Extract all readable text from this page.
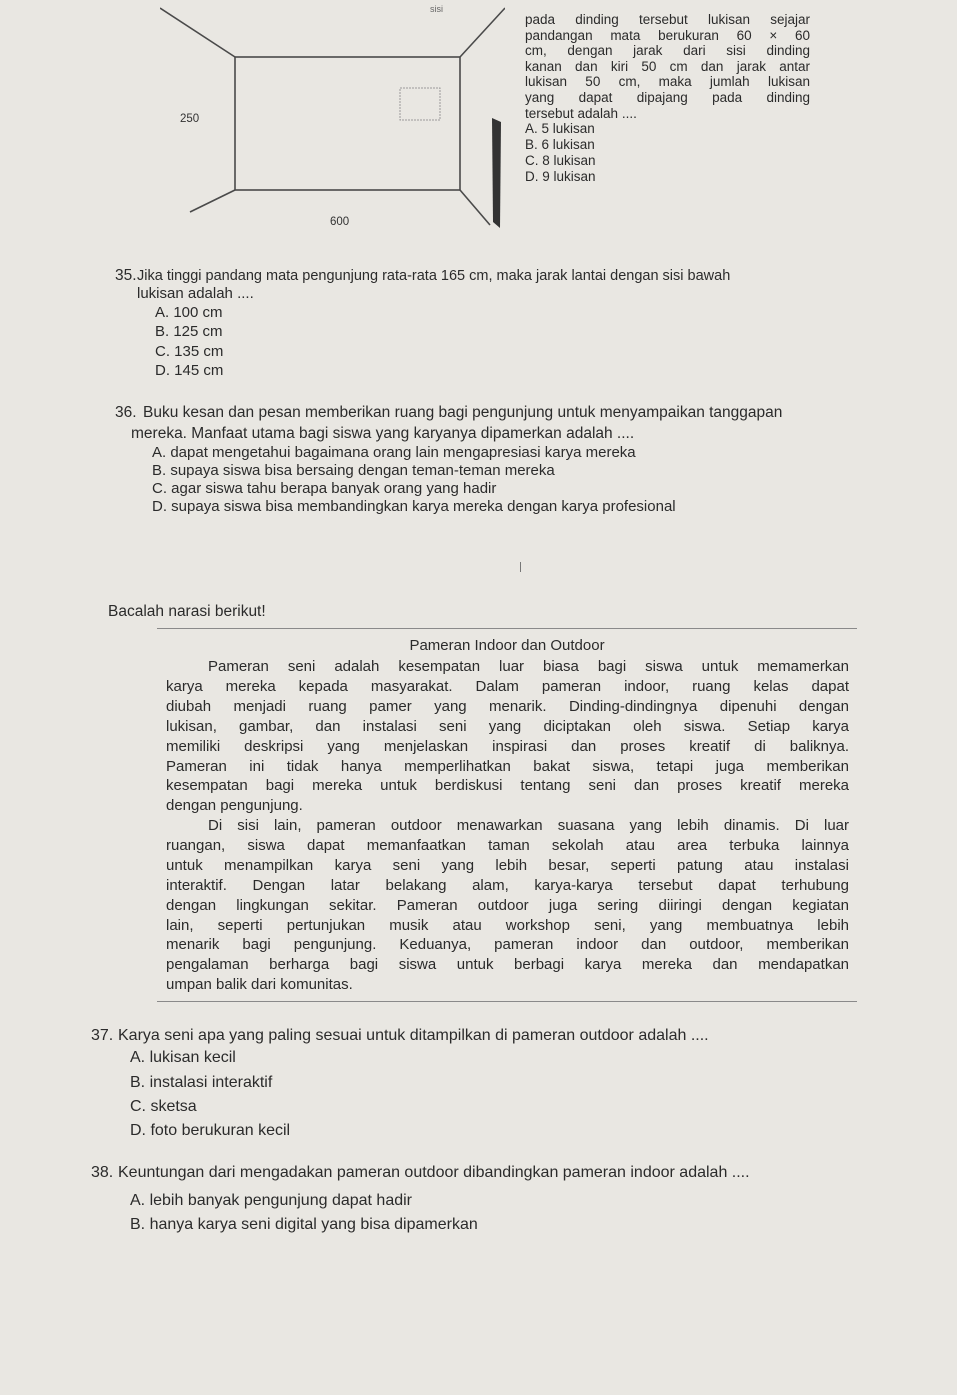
sisi
250
600
pada dinding tersebut lukisan sejajar
pandangan mata berukuran 60 × 60
cm, dengan jarak dari sisi dinding
kanan dan kiri 50 cm dan jarak antar
lukisan 50 cm, maka jumlah lukisan
yang dapat dipajang pada dinding
tersebut adalah ....
A. 5 lukisan
B. 6 lukisan
C. 8 lukisan
D. 9 lukisan
35. Jika tinggi pandang mata pengunjung rata-rata 165 cm, maka jarak lantai dengan sisi bawah
lukisan adalah ....
A. 100 cm
B. 125 cm
C. 135 cm
D. 145 cm
36. Buku kesan dan pesan memberikan ruang bagi pengunjung untuk menyampaikan tanggapan
mereka. Manfaat utama bagi siswa yang karyanya dipamerkan adalah ....
A. dapat mengetahui bagaimana orang lain mengapresiasi karya mereka
B. supaya siswa bisa bersaing dengan teman-teman mereka
C. agar siswa tahu berapa banyak orang yang hadir
D. supaya siswa bisa membandingkan karya mereka dengan karya profesional
Bacalah narasi berikut!
Pameran Indoor dan Outdoor
Pameran seni adalah kesempatan luar biasa bagi siswa untuk memamerkan
karya mereka kepada masyarakat. Dalam pameran indoor, ruang kelas dapat
diubah menjadi ruang pamer yang menarik. Dinding-dindingnya dipenuhi dengan
lukisan, gambar, dan instalasi seni yang diciptakan oleh siswa. Setiap karya
memiliki deskripsi yang menjelaskan inspirasi dan proses kreatif di baliknya.
Pameran ini tidak hanya memperlihatkan bakat siswa, tetapi juga memberikan
kesempatan bagi mereka untuk berdiskusi tentang seni dan proses kreatif mereka
dengan pengunjung.
Di sisi lain, pameran outdoor menawarkan suasana yang lebih dinamis. Di luar
ruangan, siswa dapat memanfaatkan taman sekolah atau area terbuka lainnya
untuk menampilkan karya seni yang lebih besar, seperti patung atau instalasi
interaktif. Dengan latar belakang alam, karya-karya tersebut dapat terhubung
dengan lingkungan sekitar. Pameran outdoor juga sering diiringi dengan kegiatan
lain, seperti pertunjukan musik atau workshop seni, yang membuatnya lebih
menarik bagi pengunjung. Keduanya, pameran indoor dan outdoor, memberikan
pengalaman berharga bagi siswa untuk berbagi karya mereka dan mendapatkan
umpan balik dari komunitas.
37. Karya seni apa yang paling sesuai untuk ditampilkan di pameran outdoor adalah ....
A. lukisan kecil
B. instalasi interaktif
C. sketsa
D. foto berukuran kecil
38. Keuntungan dari mengadakan pameran outdoor dibandingkan pameran indoor adalah ....
A. lebih banyak pengunjung dapat hadir
B. hanya karya seni digital yang bisa dipamerkan
